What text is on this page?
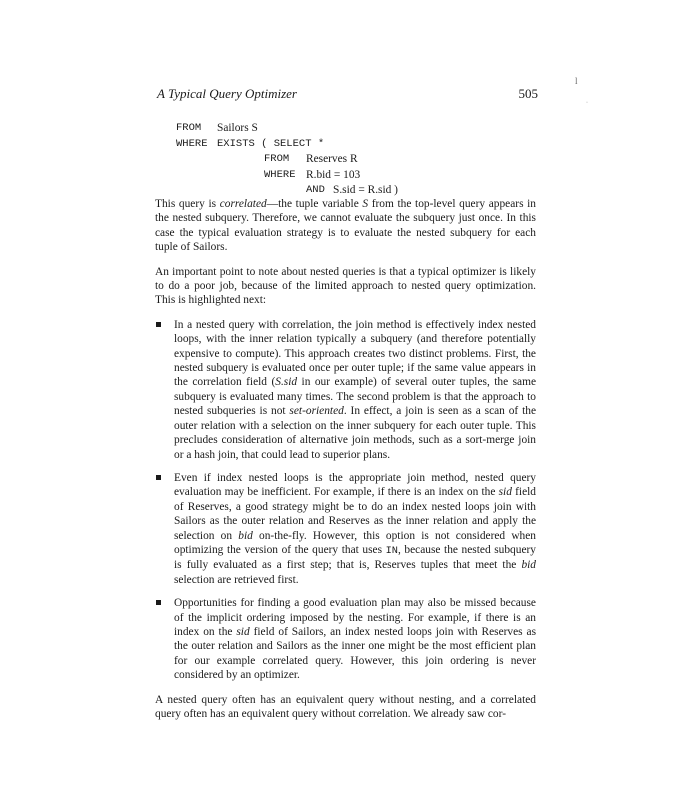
l
·
A Typical Query Optimizer	505
FROM	Sailors S
WHERE EXISTS ( SELECT *
FROM	Reserves R
WHERE R.bid = 103
AND S.sid = R.sid )

This query is correlated—the tuple variable S from the top-level query appears in the nested subquery. Therefore, we cannot evaluate the subquery just once. In this case the typical evaluation strategy is to evaluate the nested subquery for each tuple of Sailors.

An important point to note about nested queries is that a typical optimizer is likely to do a poor job, because of the limited approach to nested query optimization. This is highlighted next:

In a nested query with correlation, the join method is effectively index nested loops, with the inner relation typically a subquery (and therefore potentially expensive to compute). This approach creates two distinct problems. First, the nested subquery is evaluated once per outer tuple; if the same value appears in the correlation field (S.sid in our example) of several outer tuples, the same subquery is evaluated many times. The second problem is that the approach to nested subqueries is not set-oriented. In effect, a join is seen as a scan of the outer relation with a selection on the inner subquery for each outer tuple. This precludes consideration of alternative join methods, such as a sort-merge join or a hash join, that could lead to superior plans.
Even if index nested loops is the appropriate join method, nested query evaluation may be inefficient. For example, if there is an index on the sid field of Reserves, a good strategy might be to do an index nested loops join with Sailors as the outer relation and Reserves as the inner relation and apply the selection on bid on-the-fly. However, this option is not considered when optimizing the version of the query that uses IN, because the nested subquery is fully evaluated as a first step; that is, Reserves tuples that meet the bid selection are retrieved first.
Opportunities for finding a good evaluation plan may also be missed because of the implicit ordering imposed by the nesting. For example, if there is an index on the sid field of Sailors, an index nested loops join with Reserves as the outer relation and Sailors as the inner one might be the most efficient plan for our example correlated query. However, this join ordering is never considered by an optimizer.

A nested query often has an equivalent query without nesting, and a correlated query often has an equivalent query without correlation. We already saw cor-
